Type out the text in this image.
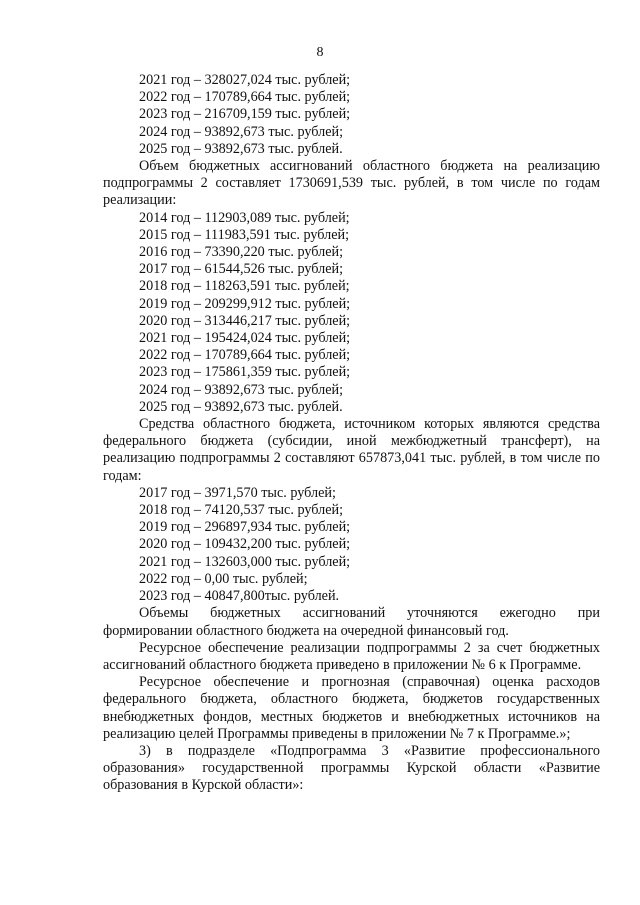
8
2021 год – 328027,024 тыс. рублей;
2022 год – 170789,664 тыс. рублей;
2023 год – 216709,159 тыс. рублей;
2024 год – 93892,673 тыс. рублей;
2025 год – 93892,673 тыс. рублей.
Объем бюджетных ассигнований областного бюджета на реализацию подпрограммы 2 составляет 1730691,539 тыс. рублей, в том числе по годам реализации:
2014 год – 112903,089 тыс. рублей;
2015 год – 111983,591 тыс. рублей;
2016 год – 73390,220 тыс. рублей;
2017 год – 61544,526 тыс. рублей;
2018 год – 118263,591 тыс. рублей;
2019 год – 209299,912 тыс. рублей;
2020 год – 313446,217 тыс. рублей;
2021 год – 195424,024 тыс. рублей;
2022 год – 170789,664 тыс. рублей;
2023 год – 175861,359 тыс. рублей;
2024 год – 93892,673 тыс. рублей;
2025 год – 93892,673 тыс. рублей.
Средства областного бюджета, источником которых являются средства федерального бюджета (субсидии, иной межбюджетный трансферт), на реализацию подпрограммы 2 составляют 657873,041 тыс. рублей, в том числе по годам:
2017 год – 3971,570 тыс. рублей;
2018 год – 74120,537 тыс. рублей;
2019 год – 296897,934 тыс. рублей;
2020 год – 109432,200 тыс. рублей;
2021 год – 132603,000 тыс. рублей;
2022 год – 0,00 тыс. рублей;
2023 год – 40847,800тыс. рублей.
Объемы бюджетных ассигнований уточняются ежегодно при формировании областного бюджета на очередной финансовый год.
Ресурсное обеспечение реализации подпрограммы 2 за счет бюджетных ассигнований областного бюджета приведено в приложении № 6 к Программе.
Ресурсное обеспечение и прогнозная (справочная) оценка расходов федерального бюджета, областного бюджета, бюджетов государственных внебюджетных фондов, местных бюджетов и внебюджетных источников на реализацию целей Программы приведены в приложении № 7 к Программе.»;
3) в подразделе «Подпрограмма 3 «Развитие профессионального образования» государственной программы Курской области «Развитие образования в Курской области»:
